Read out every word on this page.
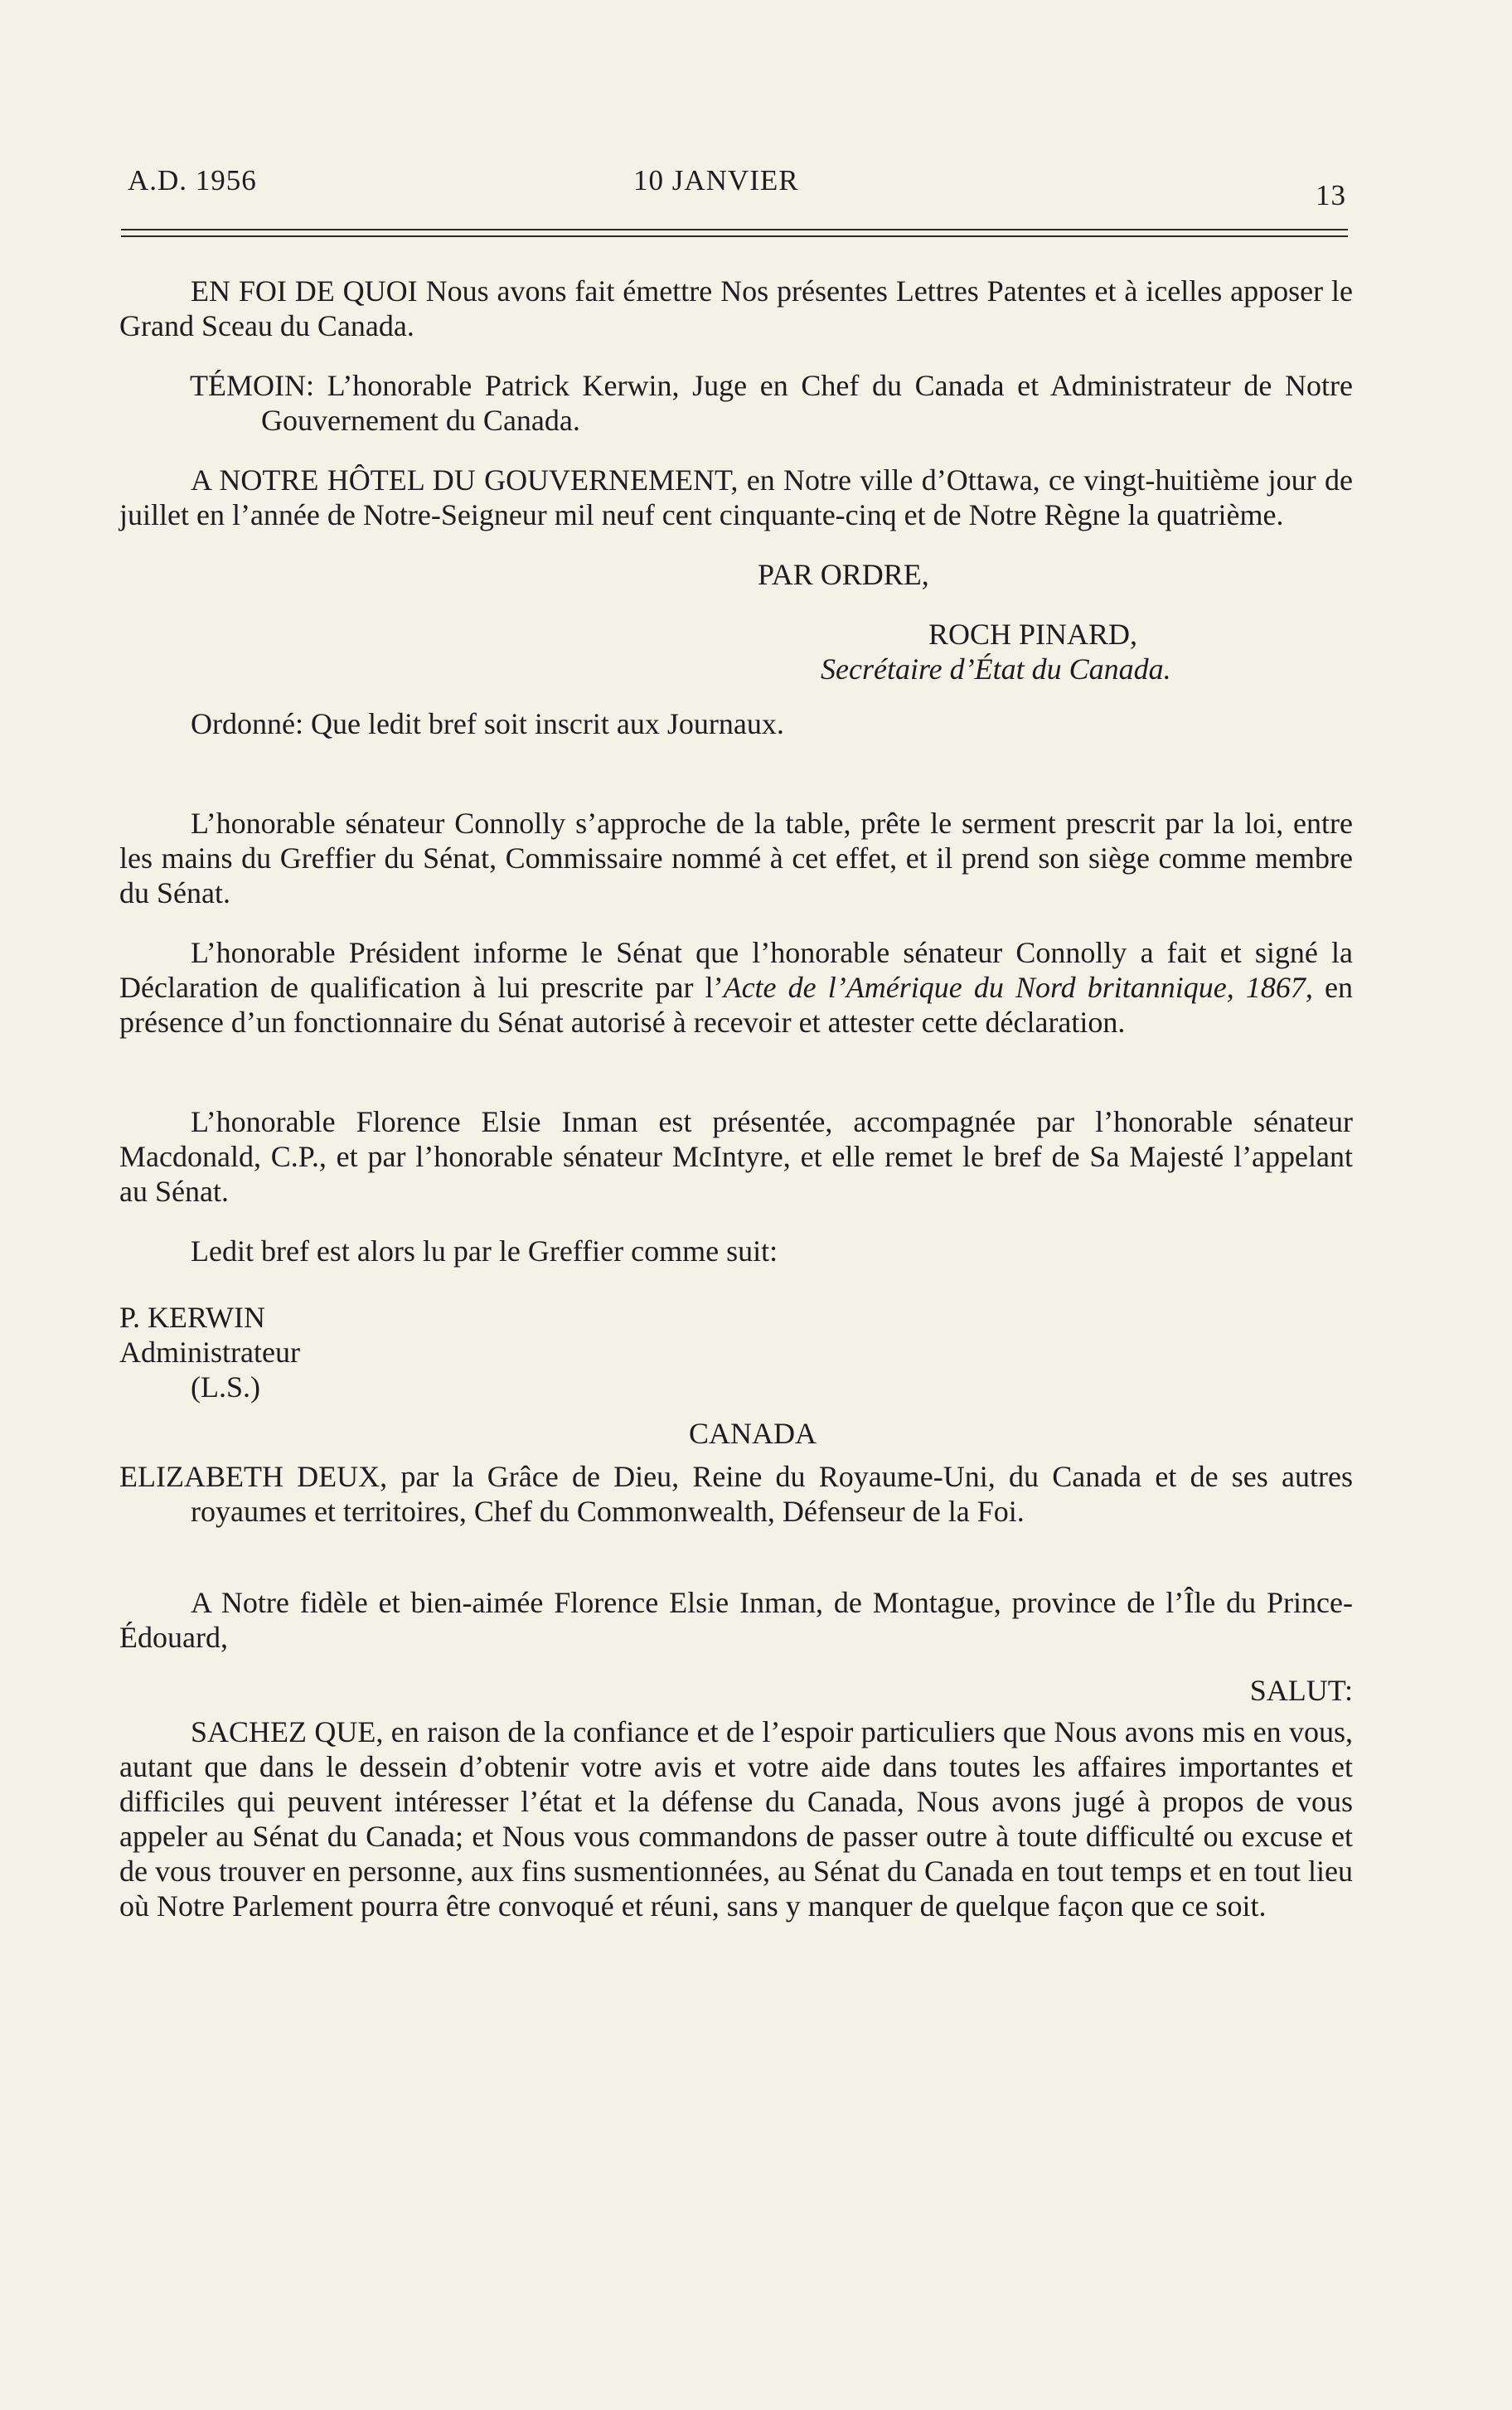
A.D. 1956	10 JANVIER	13

EN FOI DE QUOI Nous avons fait émettre Nos présentes Lettres Patentes et à icelles apposer le Grand Sceau du Canada.

TÉMOIN: L’honorable Patrick Kerwin, Juge en Chef du Canada et Administrateur de Notre Gouvernement du Canada.

A NOTRE HÔTEL DU GOUVERNEMENT, en Notre ville d’Ottawa, ce vingt-huitième jour de juillet en l’année de Notre-Seigneur mil neuf cent cinquante-cinq et de Notre Règne la quatrième.

PAR ORDRE,

ROCH PINARD,

Secrétaire d’État du Canada.

Ordonné: Que ledit bref soit inscrit aux Journaux.

L’honorable sénateur Connolly s’approche de la table, prête le serment prescrit par la loi, entre les mains du Greffier du Sénat, Commissaire nommé à cet effet, et il prend son siège comme membre du Sénat.

L’honorable Président informe le Sénat que l’honorable sénateur Connolly a fait et signé la Déclaration de qualification à lui prescrite par l’Acte de l’Amérique du Nord britannique, 1867, en présence d’un fonctionnaire du Sénat autorisé à recevoir et attester cette déclaration.

L’honorable Florence Elsie Inman est présentée, accompagnée par l’honorable sénateur Macdonald, C.P., et par l’honorable sénateur McIntyre, et elle remet le bref de Sa Majesté l’appelant au Sénat.

Ledit bref est alors lu par le Greffier comme suit:

P. KERWIN

Administrateur

(L.S.)

CANADA

ELIZABETH DEUX, par la Grâce de Dieu, Reine du Royaume-Uni, du Canada et de ses autres royaumes et territoires, Chef du Commonwealth, Défenseur de la Foi.

A Notre fidèle et bien-aimée Florence Elsie Inman, de Montague, province de l’Île du Prince-Édouard,

SALUT:

SACHEZ QUE, en raison de la confiance et de l’espoir particuliers que Nous avons mis en vous, autant que dans le dessein d’obtenir votre avis et votre aide dans toutes les affaires importantes et difficiles qui peuvent intéresser l’état et la défense du Canada, Nous avons jugé à propos de vous appeler au Sénat du Canada; et Nous vous commandons de passer outre à toute difficulté ou excuse et de vous trouver en personne, aux fins susmentionnées, au Sénat du Canada en tout temps et en tout lieu où Notre Parlement pourra être convoqué et réuni, sans y manquer de quelque façon que ce soit.
